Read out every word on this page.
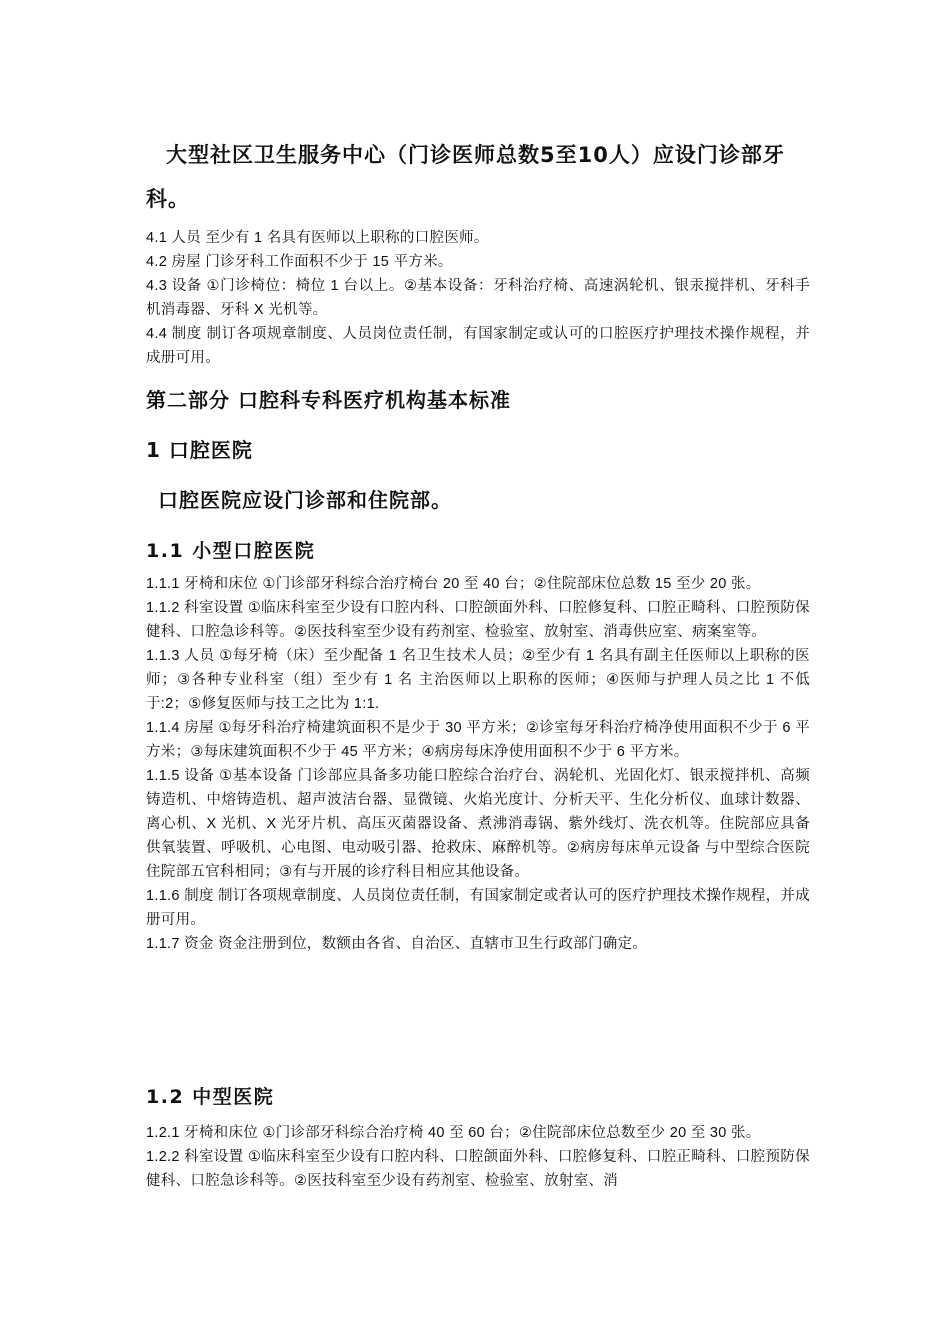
大型社区卫生服务中心（门诊医师总数5至10人）应设门诊部牙科。

4.1 人员 至少有 1 名具有医师以上职称的口腔医师。

4.2 房屋 门诊牙科工作面积不少于 15 平方米。

4.3 设备 ①门诊椅位：椅位 1 台以上。②基本设备：牙科治疗椅、高速涡轮机、银汞搅拌机、牙科手机消毒器、牙科 X 光机等。

4.4 制度 制订各项规章制度、人员岗位责任制，有国家制定或认可的口腔医疗护理技术操作规程，并成册可用。

第二部分 口腔科专科医疗机构基本标准
1 口腔医院
口腔医院应设门诊部和住院部。
1.1 小型口腔医院

1.1.1 牙椅和床位 ①门诊部牙科综合治疗椅台 20 至 40 台；②住院部床位总数 15 至少 20 张。

1.1.2 科室设置 ①临床科室至少设有口腔内科、口腔颌面外科、口腔修复科、口腔正畸科、口腔预防保健科、口腔急诊科等。②医技科室至少设有药剂室、检验室、放射室、消毒供应室、病案室等。

1.1.3 人员 ①每牙椅（床）至少配备 1 名卫生技术人员；②至少有 1 名具有副主任医师以上职称的医师；③各种专业科室（组）至少有 1 名 主治医师以上职称的医师；④医师与护理人员之比 1 不低于:2；⑤修复医师与技工之比为 1:1.

1.1.4 房屋 ①每牙科治疗椅建筑面积不是少于 30 平方米；②诊室每牙科治疗椅净使用面积不少于 6 平方米；③每床建筑面积不少于 45 平方米；④病房每床净使用面积不少于 6 平方米。

1.1.5 设备 ①基本设备 门诊部应具备多功能口腔综合治疗台、涡轮机、光固化灯、银汞搅拌机、高频铸造机、中熔铸造机、超声波洁台器、显微镜、火焰光度计、分析天平、生化分析仪、血球计数器、离心机、X 光机、X 光牙片机、高压灭菌器设备、煮沸消毒锅、紫外线灯、洗衣机等。住院部应具备供氧装置、呼吸机、心电图、电动吸引器、抢救床、麻醉机等。②病房每床单元设备 与中型综合医院住院部五官科相同；③有与开展的诊疗科目相应其他设备。

1.1.6 制度 制订各项规章制度、人员岗位责任制，有国家制定或者认可的医疗护理技术操作规程，并成册可用。

1.1.7 资金 资金注册到位，数额由各省、自治区、直辖市卫生行政部门确定。

1.2 中型医院

1.2.1 牙椅和床位 ①门诊部牙科综合治疗椅 40 至 60 台；②住院部床位总数至少 20 至 30 张。

1.2.2 科室设置 ①临床科室至少设有口腔内科、口腔颌面外科、口腔修复科、口腔正畸科、口腔预防保健科、口腔急诊科等。②医技科室至少设有药剂室、检验室、放射室、消
